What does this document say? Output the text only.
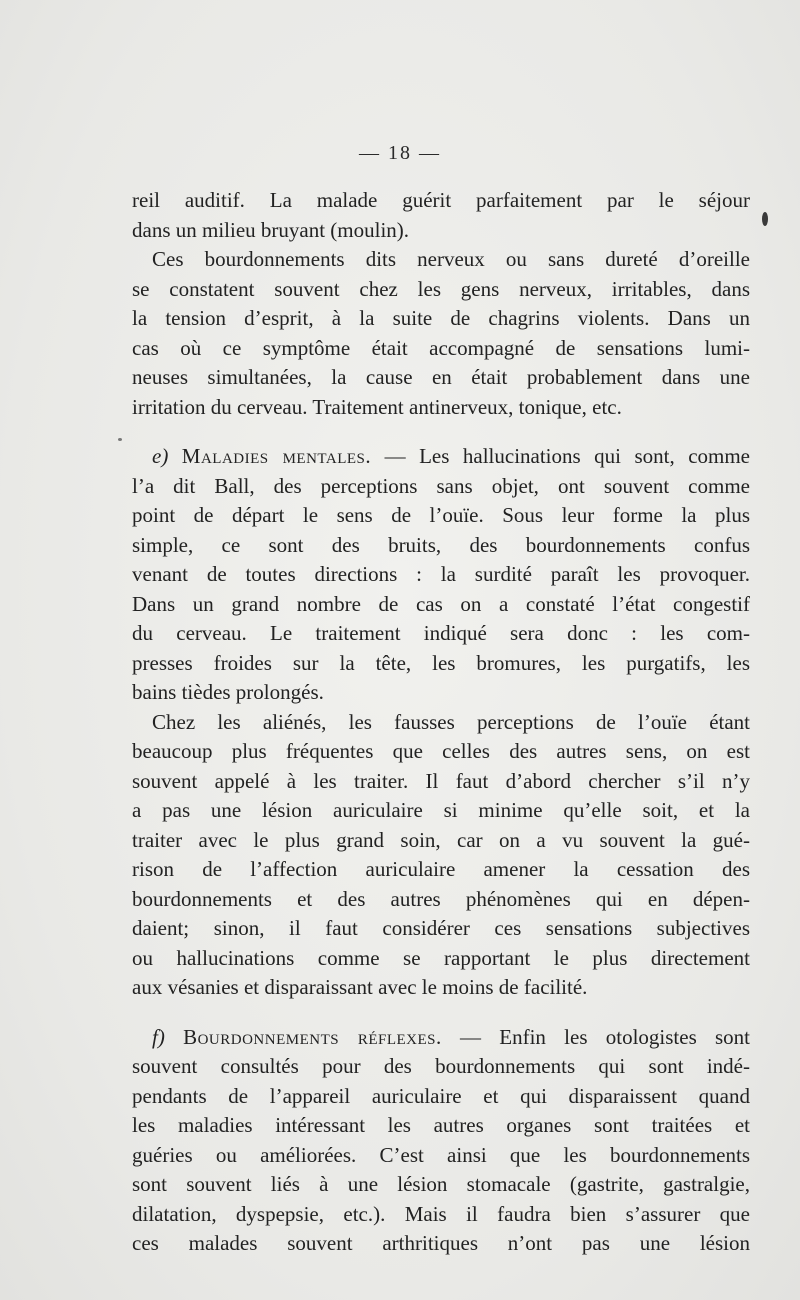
— 18 —
reil auditif. La malade guérit parfaitement par le séjour
dans un milieu bruyant (moulin).
Ces bourdonnements dits nerveux ou sans dureté d’oreille
se constatent souvent chez les gens nerveux, irritables, dans
la tension d’esprit, à la suite de chagrins violents. Dans un
cas où ce symptôme était accompagné de sensations lumi-
neuses simultanées, la cause en était probablement dans une
irritation du cerveau. Traitement antinerveux, tonique, etc.
e) Maladies mentales. — Les hallucinations qui sont, comme
l’a dit Ball, des perceptions sans objet, ont souvent comme
point de départ le sens de l’ouïe. Sous leur forme la plus
simple, ce sont des bruits, des bourdonnements confus
venant de toutes directions : la surdité paraît les provoquer.
Dans un grand nombre de cas on a constaté l’état congestif
du cerveau. Le traitement indiqué sera donc : les com-
presses froides sur la tête, les bromures, les purgatifs, les
bains tièdes prolongés.
Chez les aliénés, les fausses perceptions de l’ouïe étant
beaucoup plus fréquentes que celles des autres sens, on est
souvent appelé à les traiter. Il faut d’abord chercher s’il n’y
a pas une lésion auriculaire si minime qu’elle soit, et la
traiter avec le plus grand soin, car on a vu souvent la gué-
rison de l’affection auriculaire amener la cessation des
bourdonnements et des autres phénomènes qui en dépen-
daient; sinon, il faut considérer ces sensations subjectives
ou hallucinations comme se rapportant le plus directement
aux vésanies et disparaissant avec le moins de facilité.
f) Bourdonnements réflexes. — Enfin les otologistes sont
souvent consultés pour des bourdonnements qui sont indé-
pendants de l’appareil auriculaire et qui disparaissent quand
les maladies intéressant les autres organes sont traitées et
guéries ou améliorées. C’est ainsi que les bourdonnements
sont souvent liés à une lésion stomacale (gastrite, gastralgie,
dilatation, dyspepsie, etc.). Mais il faudra bien s’assurer que
ces malades souvent arthritiques n’ont pas une lésion
